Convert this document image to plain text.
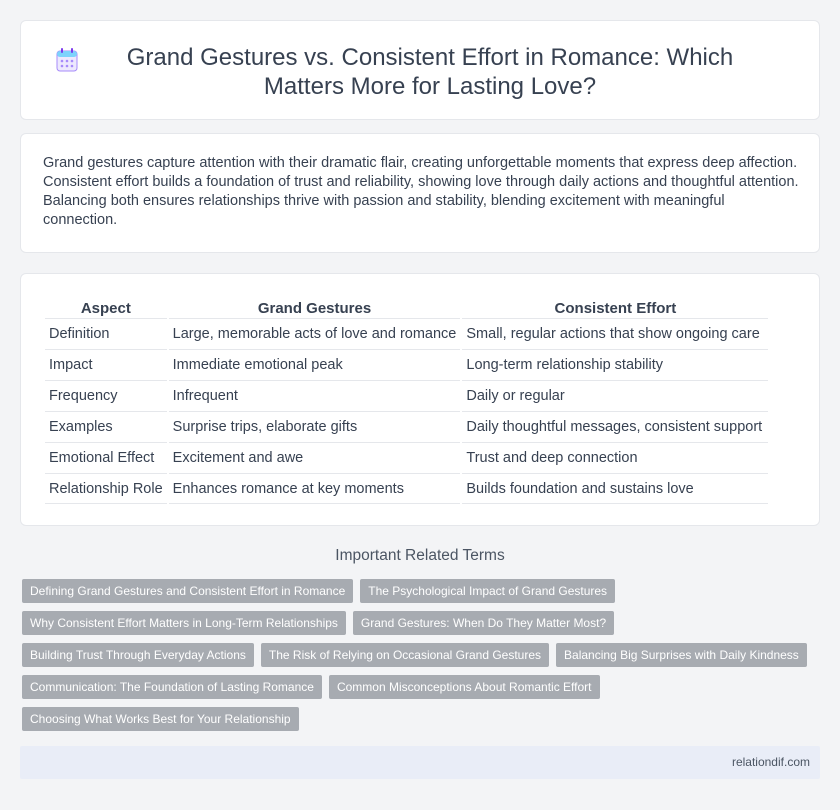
Grand Gestures vs. Consistent Effort in Romance: Which Matters More for Lasting Love?

Grand gestures capture attention with their dramatic flair, creating unforgettable moments that express deep affection. Consistent effort builds a foundation of trust and reliability, showing love through daily actions and thoughtful attention. Balancing both ensures relationships thrive with passion and stability, blending excitement with meaningful connection.

Aspect	Grand Gestures	Consistent Effort
Definition	Large, memorable acts of love and romance	Small, regular actions that show ongoing care
Impact	Immediate emotional peak	Long-term relationship stability
Frequency	Infrequent	Daily or regular
Examples	Surprise trips, elaborate gifts	Daily thoughtful messages, consistent support
Emotional Effect	Excitement and awe	Trust and deep connection
Relationship Role	Enhances romance at key moments	Builds foundation and sustains love
Important Related Terms
Defining Grand Gestures and Consistent Effort in Romance	The Psychological Impact of Grand Gestures
Why Consistent Effort Matters in Long-Term Relationships	Grand Gestures: When Do They Matter Most?
Building Trust Through Everyday Actions	The Risk of Relying on Occasional Grand Gestures	Balancing Big Surprises with Daily Kindness
Communication: The Foundation of Lasting Romance	Common Misconceptions About Romantic Effort
Choosing What Works Best for Your Relationship
relationdif.com
